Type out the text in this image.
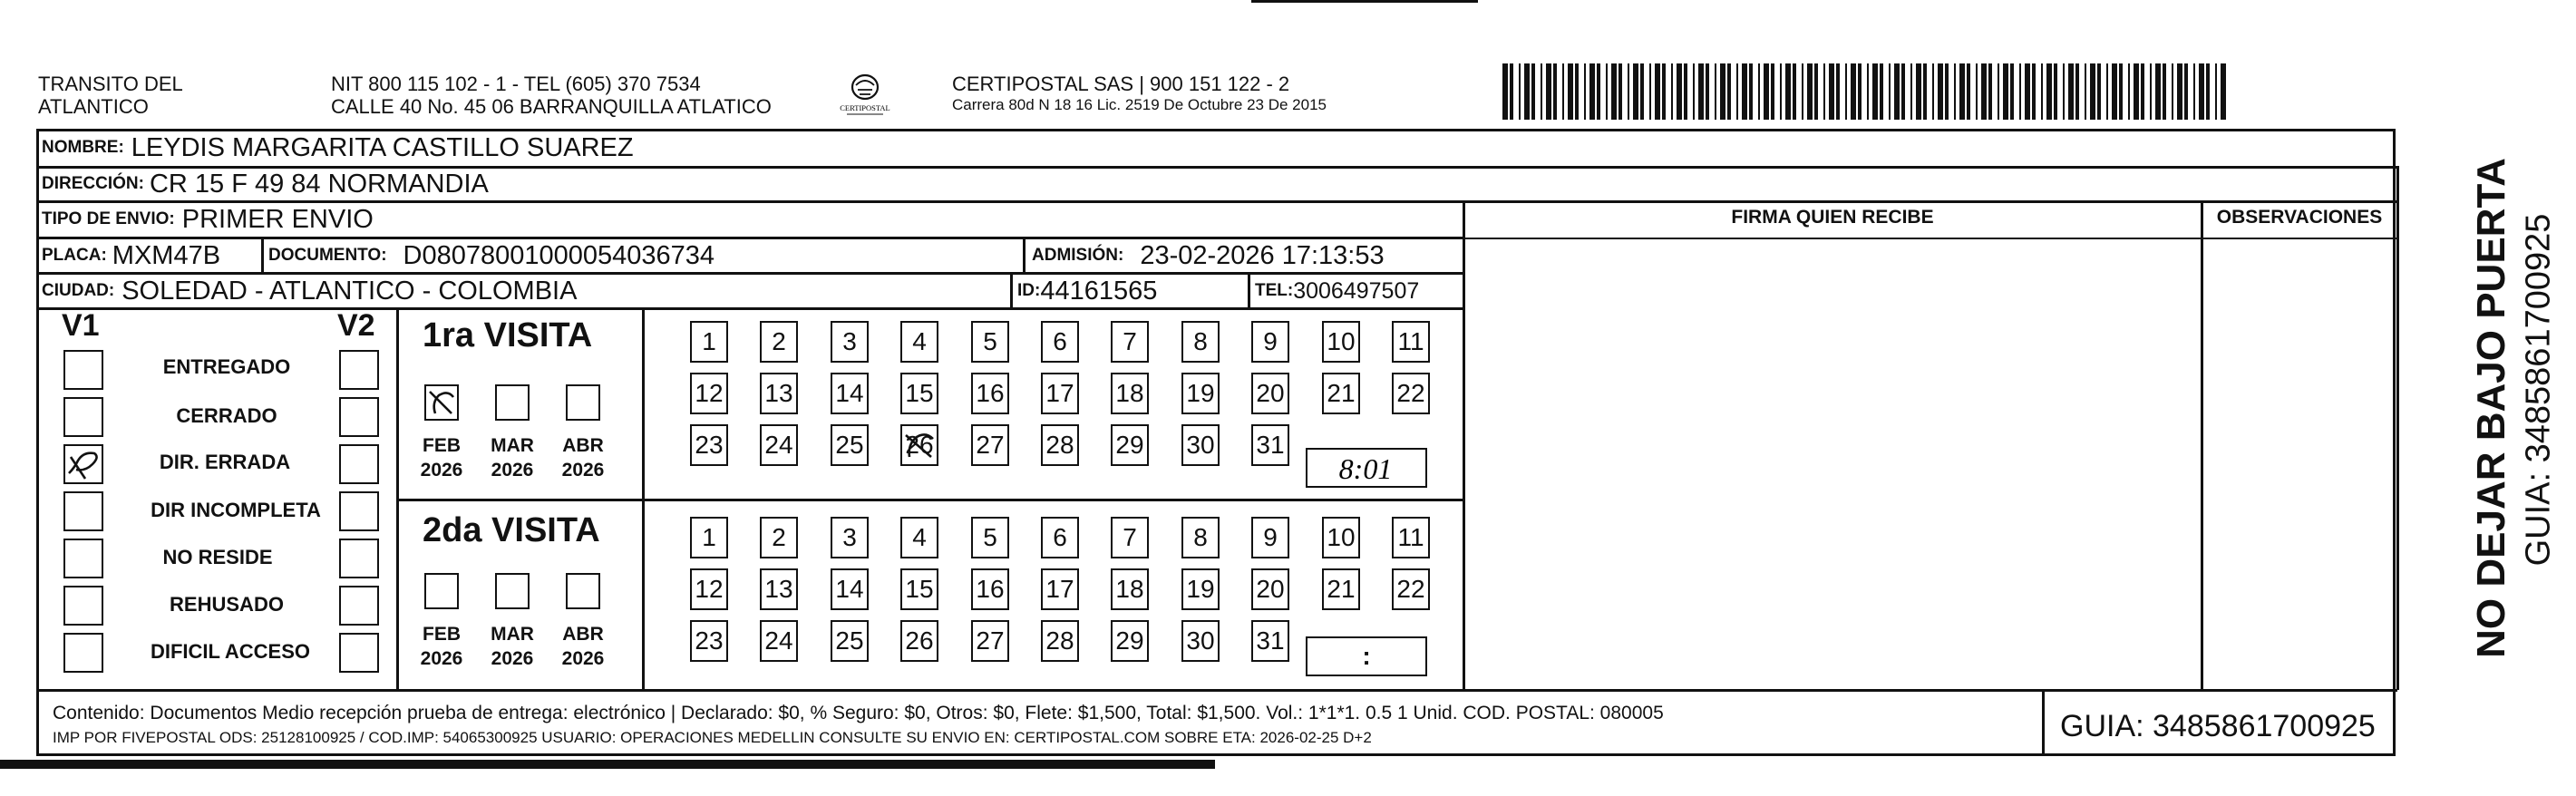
TRANSITO DEL
ATLANTICO
NIT 800 115 102 - 1 - TEL (605) 370 7534
CALLE 40 No. 45 06 BARRANQUILLA ATLATICO	CERTIPOSTAL
CERTIPOSTAL SAS | 900 151 122 - 2
Carrera 80d N 18 16 Lic. 2519 De Octubre 23 De 2015
NOMBRE: LEYDIS MARGARITA CASTILLO SUAREZ
DIRECCIÓN: CR 15 F 49 84 NORMANDIA
TIPO DE ENVIO: PRIMER ENVIO
PLACA: MXM47B	DOCUMENTO: D08078001000054036734	ADMISIÓN: 23-02-2026 17:13:53
CIUDAD: SOLEDAD - ATLANTICO - COLOMBIA	ID: 44161565	TEL: 3006497507
FIRMA QUIEN RECIBE	OBSERVACIONES	NO DEJAR BAJO PUERTA GUIA: 3485861700925
V1	V2
ENTREGADO
CERRADO
DIR. ERRADA
DIR INCOMPLETA
NO RESIDE
REHUSADO
DIFICIL ACCESO
1ra VISITA
2da VISITA
FEB
2026
MAR
2026
ABR
2026
FEB
2026
MAR
2026
ABR
2026
1 2 3 4 5 6 7 8 9 10 11
12 13 14 15 16 17 18 19 20 21 22
23 24 25 26 27 28 29 30 31
1 2 3 4 5 6 7 8 9 10 11
12 13 14 15 16 17 18 19 20 21 22
23 24 25 26 27 28 29 30 31
8:01
:
Contenido: Documentos Medio recepción prueba de entrega: electrónico | Declarado: $0, % Seguro: $0, Otros: $0, Flete: $1,500, Total: $1,500. Vol.: 1*1*1. 0.5 1 Unid. COD. POSTAL: 080005
IMP POR FIVEPOSTAL ODS: 25128100925 / COD.IMP: 54065300925 USUARIO: OPERACIONES MEDELLIN CONSULTE SU ENVIO EN: CERTIPOSTAL.COM SOBRE ETA: 2026-02-25 D+2	GUIA: 3485861700925
